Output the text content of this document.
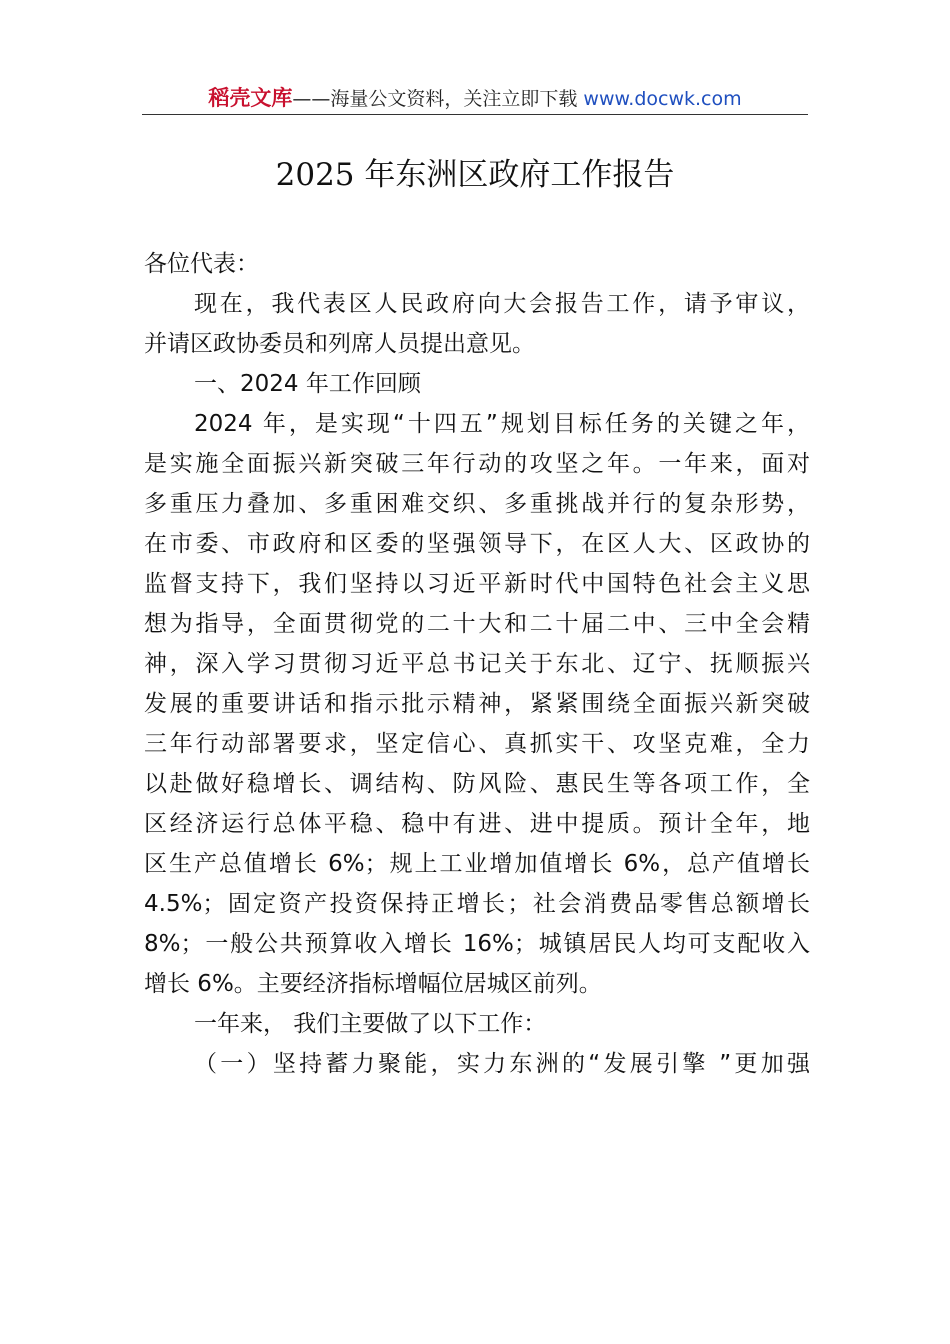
稻壳文库——海量公文资料，关注立即下载 www.docwk.com
2025 年东洲区政府工作报告
各位代表：
现在，我代表区人民政府向大会报告工作，请予审议，
并请区政协委员和列席人员提出意见。
一、2024 年工作回顾
2024 年，是实现“十四五”规划目标任务的关键之年，
是实施全面振兴新突破三年行动的攻坚之年。一年来，面对
多重压力叠加、多重困难交织、多重挑战并行的复杂形势，
在市委、市政府和区委的坚强领导下，在区人大、区政协的
监督支持下，我们坚持以习近平新时代中国特色社会主义思
想为指导，全面贯彻党的二十大和二十届二中、三中全会精
神，深入学习贯彻习近平总书记关于东北、辽宁、抚顺振兴
发展的重要讲话和指示批示精神，紧紧围绕全面振兴新突破
三年行动部署要求，坚定信心、真抓实干、攻坚克难，全力
以赴做好稳增长、调结构、防风险、惠民生等各项工作，全
区经济运行总体平稳、稳中有进、进中提质。预计全年，地
区生产总值增长 6%；规上工业增加值增长 6%，总产值增长
4.5%；固定资产投资保持正增长；社会消费品零售总额增长
8%；一般公共预算收入增长 16%；城镇居民人均可支配收入
增长 6%。主要经济指标增幅位居城区前列。
一年来， 我们主要做了以下工作：
（一）坚持蓄力聚能，实力东洲的“发展引擎 ”更加强
